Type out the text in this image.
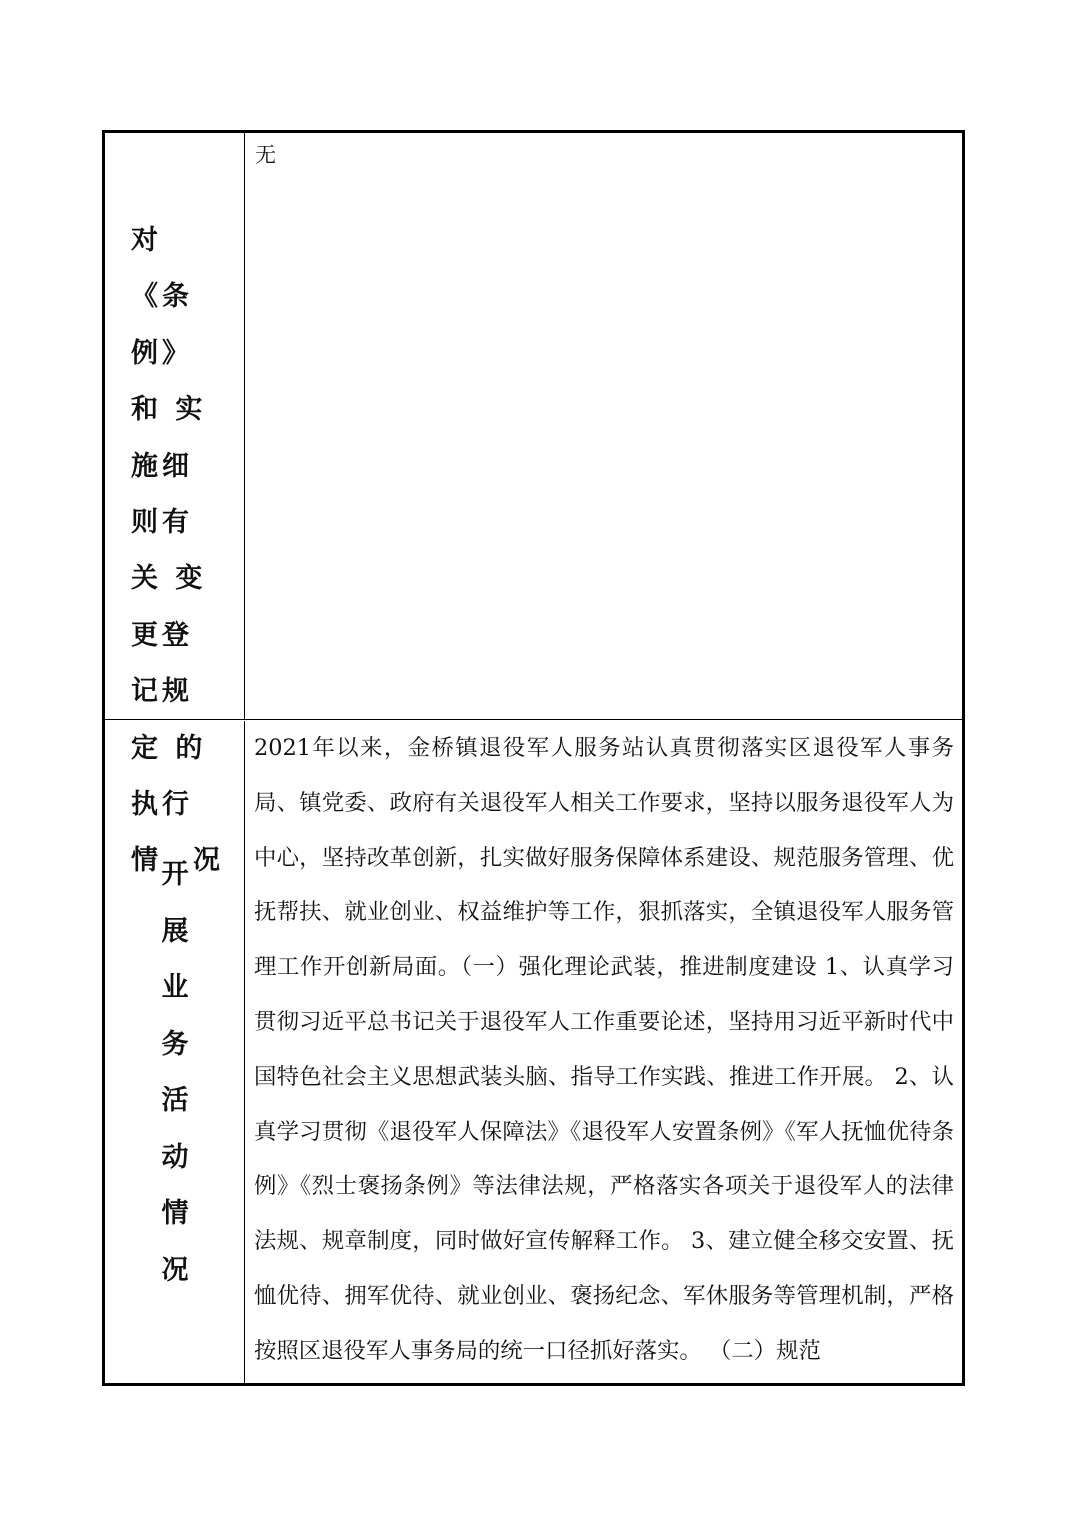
对《条 例》和 实施细 则有关 变更登 记规定 的执行
情 况
无
开
展
业
务
活
动
情
况
2021年以来，金桥镇退役军人服务站认真贯彻落实区退役军人事务局、镇党委、政府有关退役军人相关工作要求，坚持以服务退役军人为中心，坚持改革创新，扎实做好服务保障体系建设、规范服务管理、优抚帮扶、就业创业、权益维护等工作，狠抓落实，全镇退役军人服务管理工作开创新局面。（一）强化理论武装，推进制度建设 1、认真学习贯彻习近平总书记关于退役军人工作重要论述，坚持用习近平新时代中国特色社会主义思想武装头脑、指导工作实践、推进工作开展。 2、认真学习贯彻《退役军人保障法》《退役军人安置条例》《军人抚恤优待条例》《烈士褒扬条例》等法律法规，严格落实各项关于退役军人的法律法规、规章制度，同时做好宣传解释工作。 3、建立健全移交安置、抚恤优待、拥军优待、就业创业、褒扬纪念、军休服务等管理机制，严格按照区退役军人事务局的统一口径抓好落实。 （二）规范
